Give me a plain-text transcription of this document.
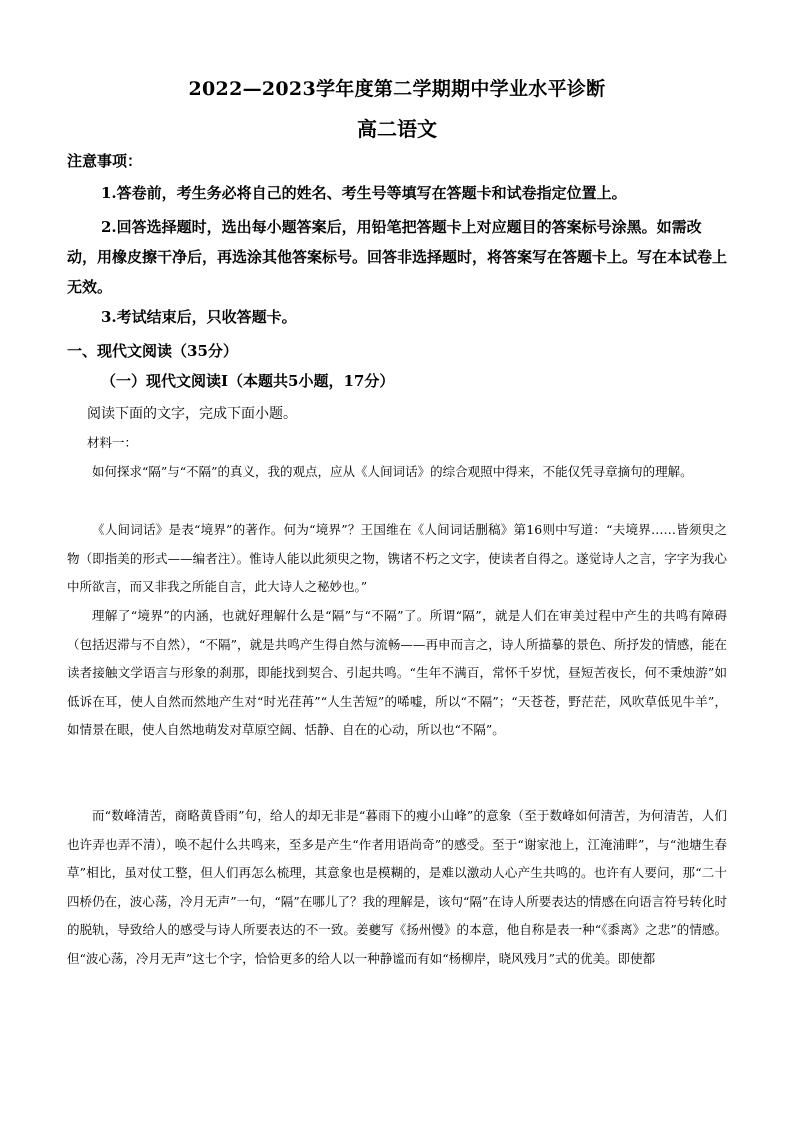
2022—2023学年度第二学期期中学业水平诊断
高二语文
注意事项：
1.答卷前，考生务必将自己的姓名、考生号等填写在答题卡和试卷指定位置上。
2.回答选择题时，选出每小题答案后，用铅笔把答题卡上对应题目的答案标号涂黑。如需改动，用橡皮擦干净后，再选涂其他答案标号。回答非选择题时，将答案写在答题卡上。写在本试卷上无效。
3.考试结束后，只收答题卡。
一、现代文阅读（35分）
（一）现代文阅读Ⅰ（本题共5小题，17分）
阅读下面的文字，完成下面小题。
材料一：
如何探求“隔”与“不隔”的真义，我的观点，应从《人间词话》的综合观照中得来，不能仅凭寻章摘句的理解。
《人间词话》是表“境界”的著作。何为“境界”？王国维在《人间词话删稿》第16则中写道：“夫境界……皆须臾之物（即指美的形式——编者注）。惟诗人能以此须臾之物，镌诸不朽之文字，使读者自得之。遂觉诗人之言，字字为我心中所欲言，而又非我之所能自言，此大诗人之秘妙也。”
理解了“境界”的内涵，也就好理解什么是“隔”与“不隔”了。所谓“隔”，就是人们在审美过程中产生的共鸣有障碍（包括迟滞与不自然），“不隔”，就是共鸣产生得自然与流畅——再申而言之，诗人所描摹的景色、所抒发的情感，能在读者接触文学语言与形象的刹那，即能找到契合、引起共鸣。“生年不满百，常怀千岁忧，昼短苦夜长，何不秉烛游”如低诉在耳，使人自然而然地产生对“时光荏苒”“人生苦短”的唏嘘，所以“不隔”；“天苍苍，野茫茫，风吹草低见牛羊”，如情景在眼，使人自然地萌发对草原空阔、恬静、自在的心动，所以也“不隔”。
而“数峰清苦，商略黄昏雨”句，给人的却无非是“暮雨下的瘦小山峰”的意象（至于数峰如何清苦，为何清苦，人们也许弄也弄不清），唤不起什么共鸣来，至多是产生“作者用语尚奇”的感受。至于“谢家池上，江淹浦畔”，与“池塘生春草”相比，虽对仗工整，但人们再怎么梳理，其意象也是模糊的，是难以激动人心产生共鸣的。也许有人要问，那“二十四桥仍在，波心荡，冷月无声”一句，“隔”在哪儿了？我的理解是，该句“隔”在诗人所要表达的情感在向语言符号转化时的脱轨，导致给人的感受与诗人所要表达的不一致。姜夔写《扬州慢》的本意，他自称是表一种“《黍离》之悲”的情感。但“波心荡，冷月无声”这七个字，恰恰更多的给人以一种静谧而有如“杨柳岸，晓风残月”式的优美。即使都
